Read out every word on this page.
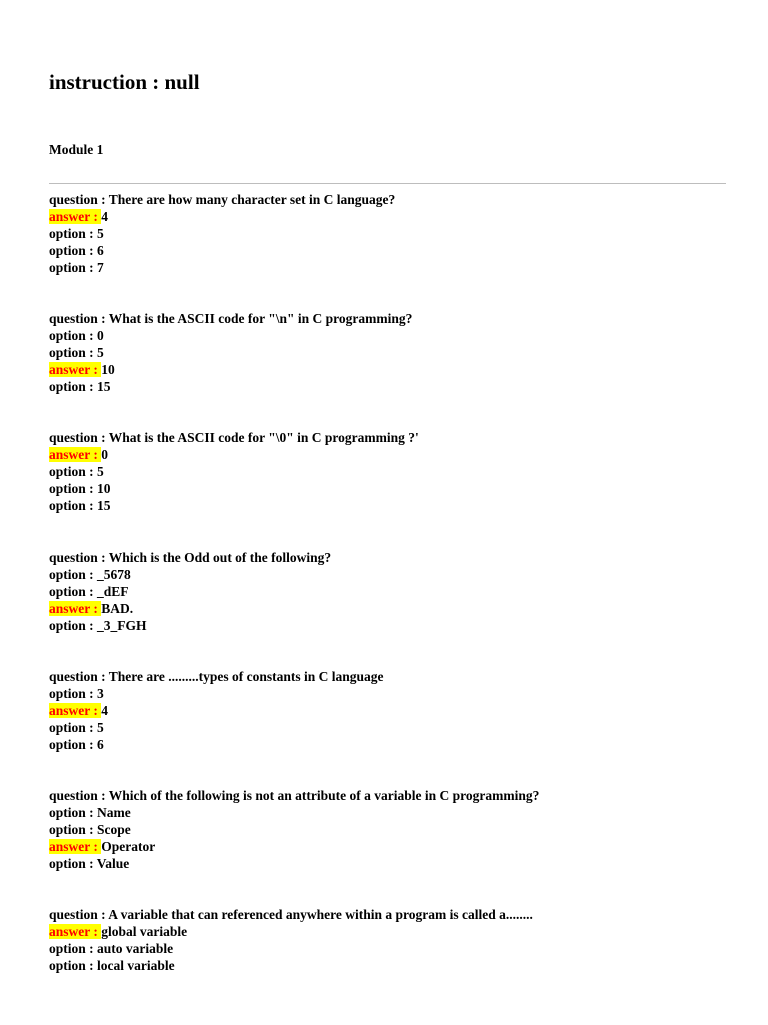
instruction : null
Module 1
question : There are how many character set in C language?
answer : 4
option : 5
option : 6
option : 7
question : What is the ASCII code for "\n" in C programming?
option : 0
option : 5
answer : 10
option : 15
question : What is the ASCII code for "\0" in C programming ?'
answer : 0
option : 5
option : 10
option : 15
question : Which is the Odd out of the following?
option : _5678
option : _dEF
answer : BAD.
option : _3_FGH
question : There are .........types of constants in C language
option : 3
answer : 4
option : 5
option : 6
question : Which of the following is not an attribute of a variable in C programming?
option : Name
option : Scope
answer : Operator
option : Value
question : A variable that can referenced anywhere within a program is called a........
answer : global variable
option : auto variable
option : local variable
